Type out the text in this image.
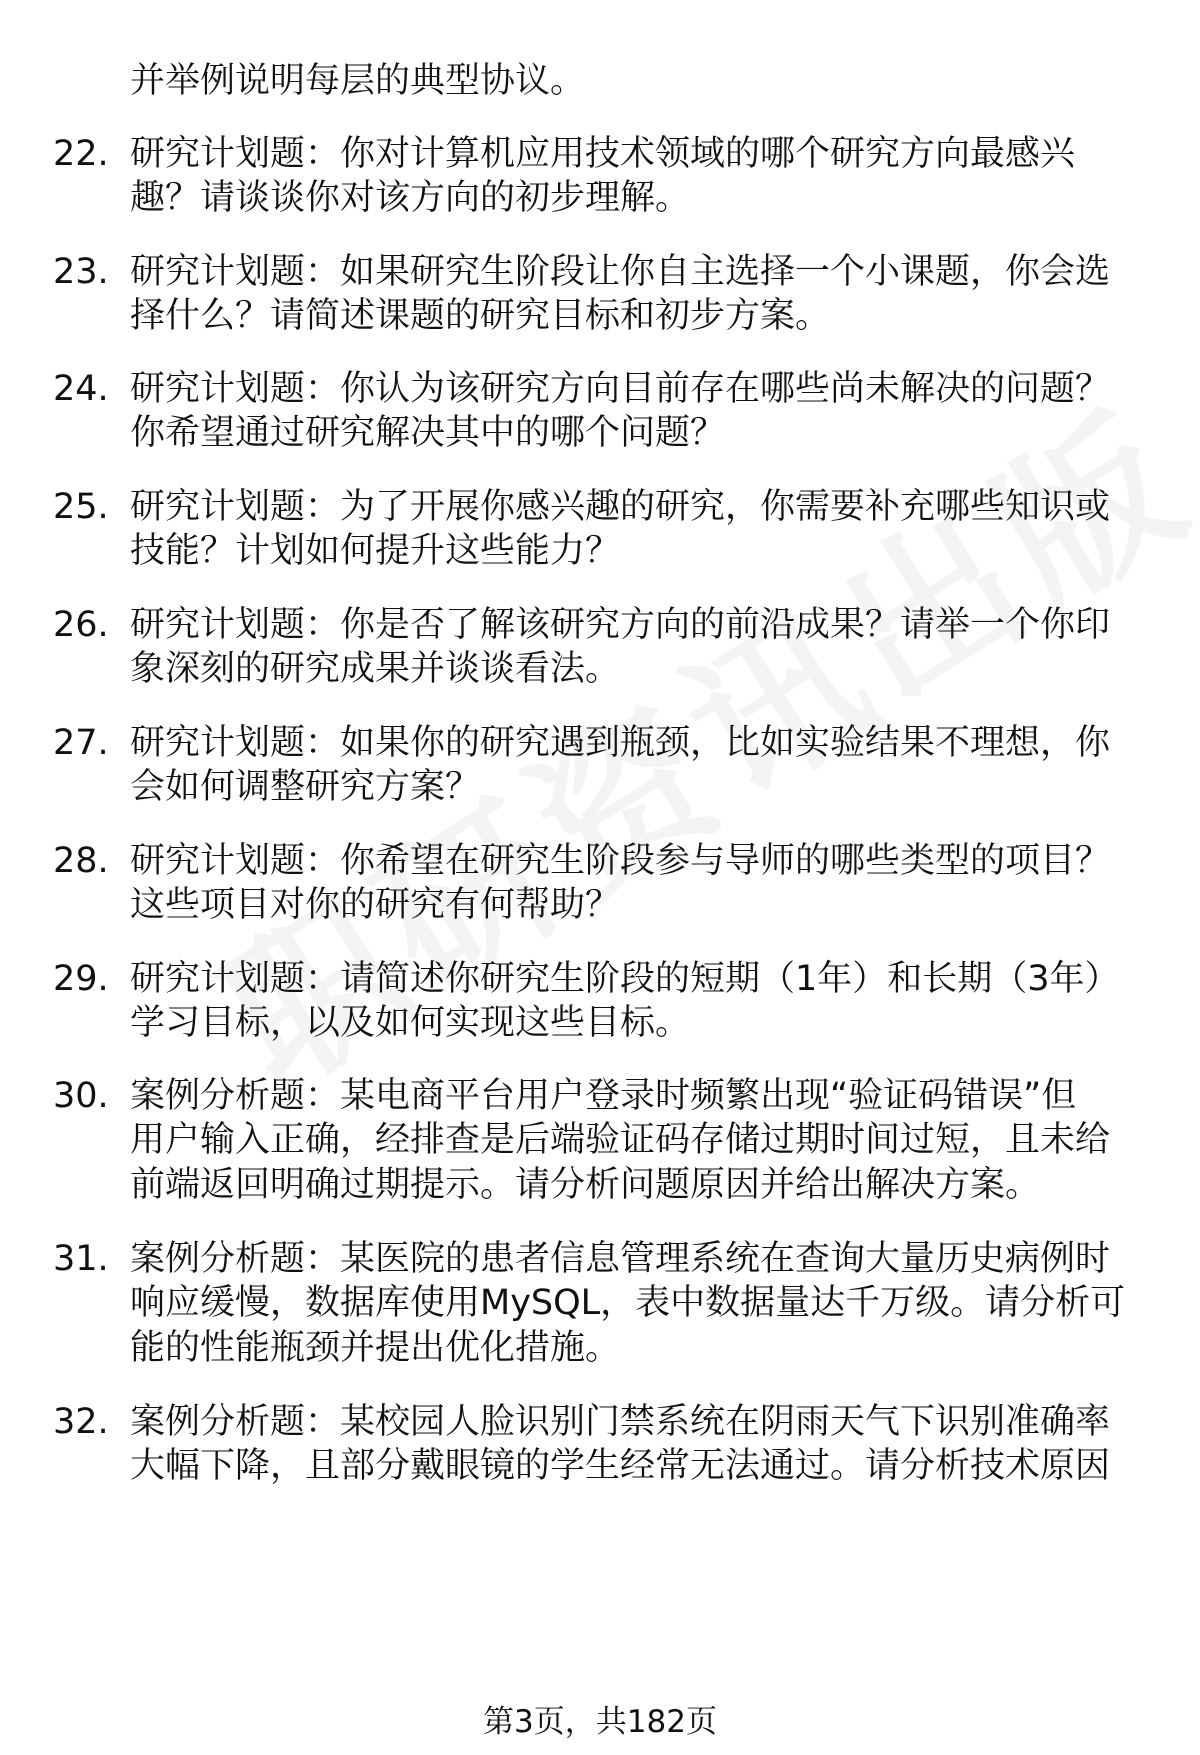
并举例说明每层的典型协议。
22. 研究计划题：你对计算机应用技术领域的哪个研究方向最感兴
趣？请谈谈你对该方向的初步理解。
23. 研究计划题：如果研究生阶段让你自主选择一个小课题，你会选
择什么？请简述课题的研究目标和初步方案。
24. 研究计划题：你认为该研究方向目前存在哪些尚未解决的问题？
你希望通过研究解决其中的哪个问题？
25. 研究计划题：为了开展你感兴趣的研究，你需要补充哪些知识或
技能？计划如何提升这些能力？
26. 研究计划题：你是否了解该研究方向的前沿成果？请举一个你印
象深刻的研究成果并谈谈看法。
27. 研究计划题：如果你的研究遇到瓶颈，比如实验结果不理想，你
会如何调整研究方案？
28. 研究计划题：你希望在研究生阶段参与导师的哪些类型的项目？
这些项目对你的研究有何帮助？
29. 研究计划题：请简述你研究生阶段的短期（1年）和长期（3年）
学习目标，以及如何实现这些目标。
30. 案例分析题：某电商平台用户登录时频繁出现“验证码错误”但
用户输入正确，经排查是后端验证码存储过期时间过短，且未给
前端返回明确过期提示。请分析问题原因并给出解决方案。
31. 案例分析题：某医院的患者信息管理系统在查询大量历史病例时
响应缓慢，数据库使用MySQL，表中数据量达千万级。请分析可
能的性能瓶颈并提出优化措施。
32. 案例分析题：某校园人脸识别门禁系统在阴雨天气下识别准确率
大幅下降，且部分戴眼镜的学生经常无法通过。请分析技术原因
第3页，共182页
